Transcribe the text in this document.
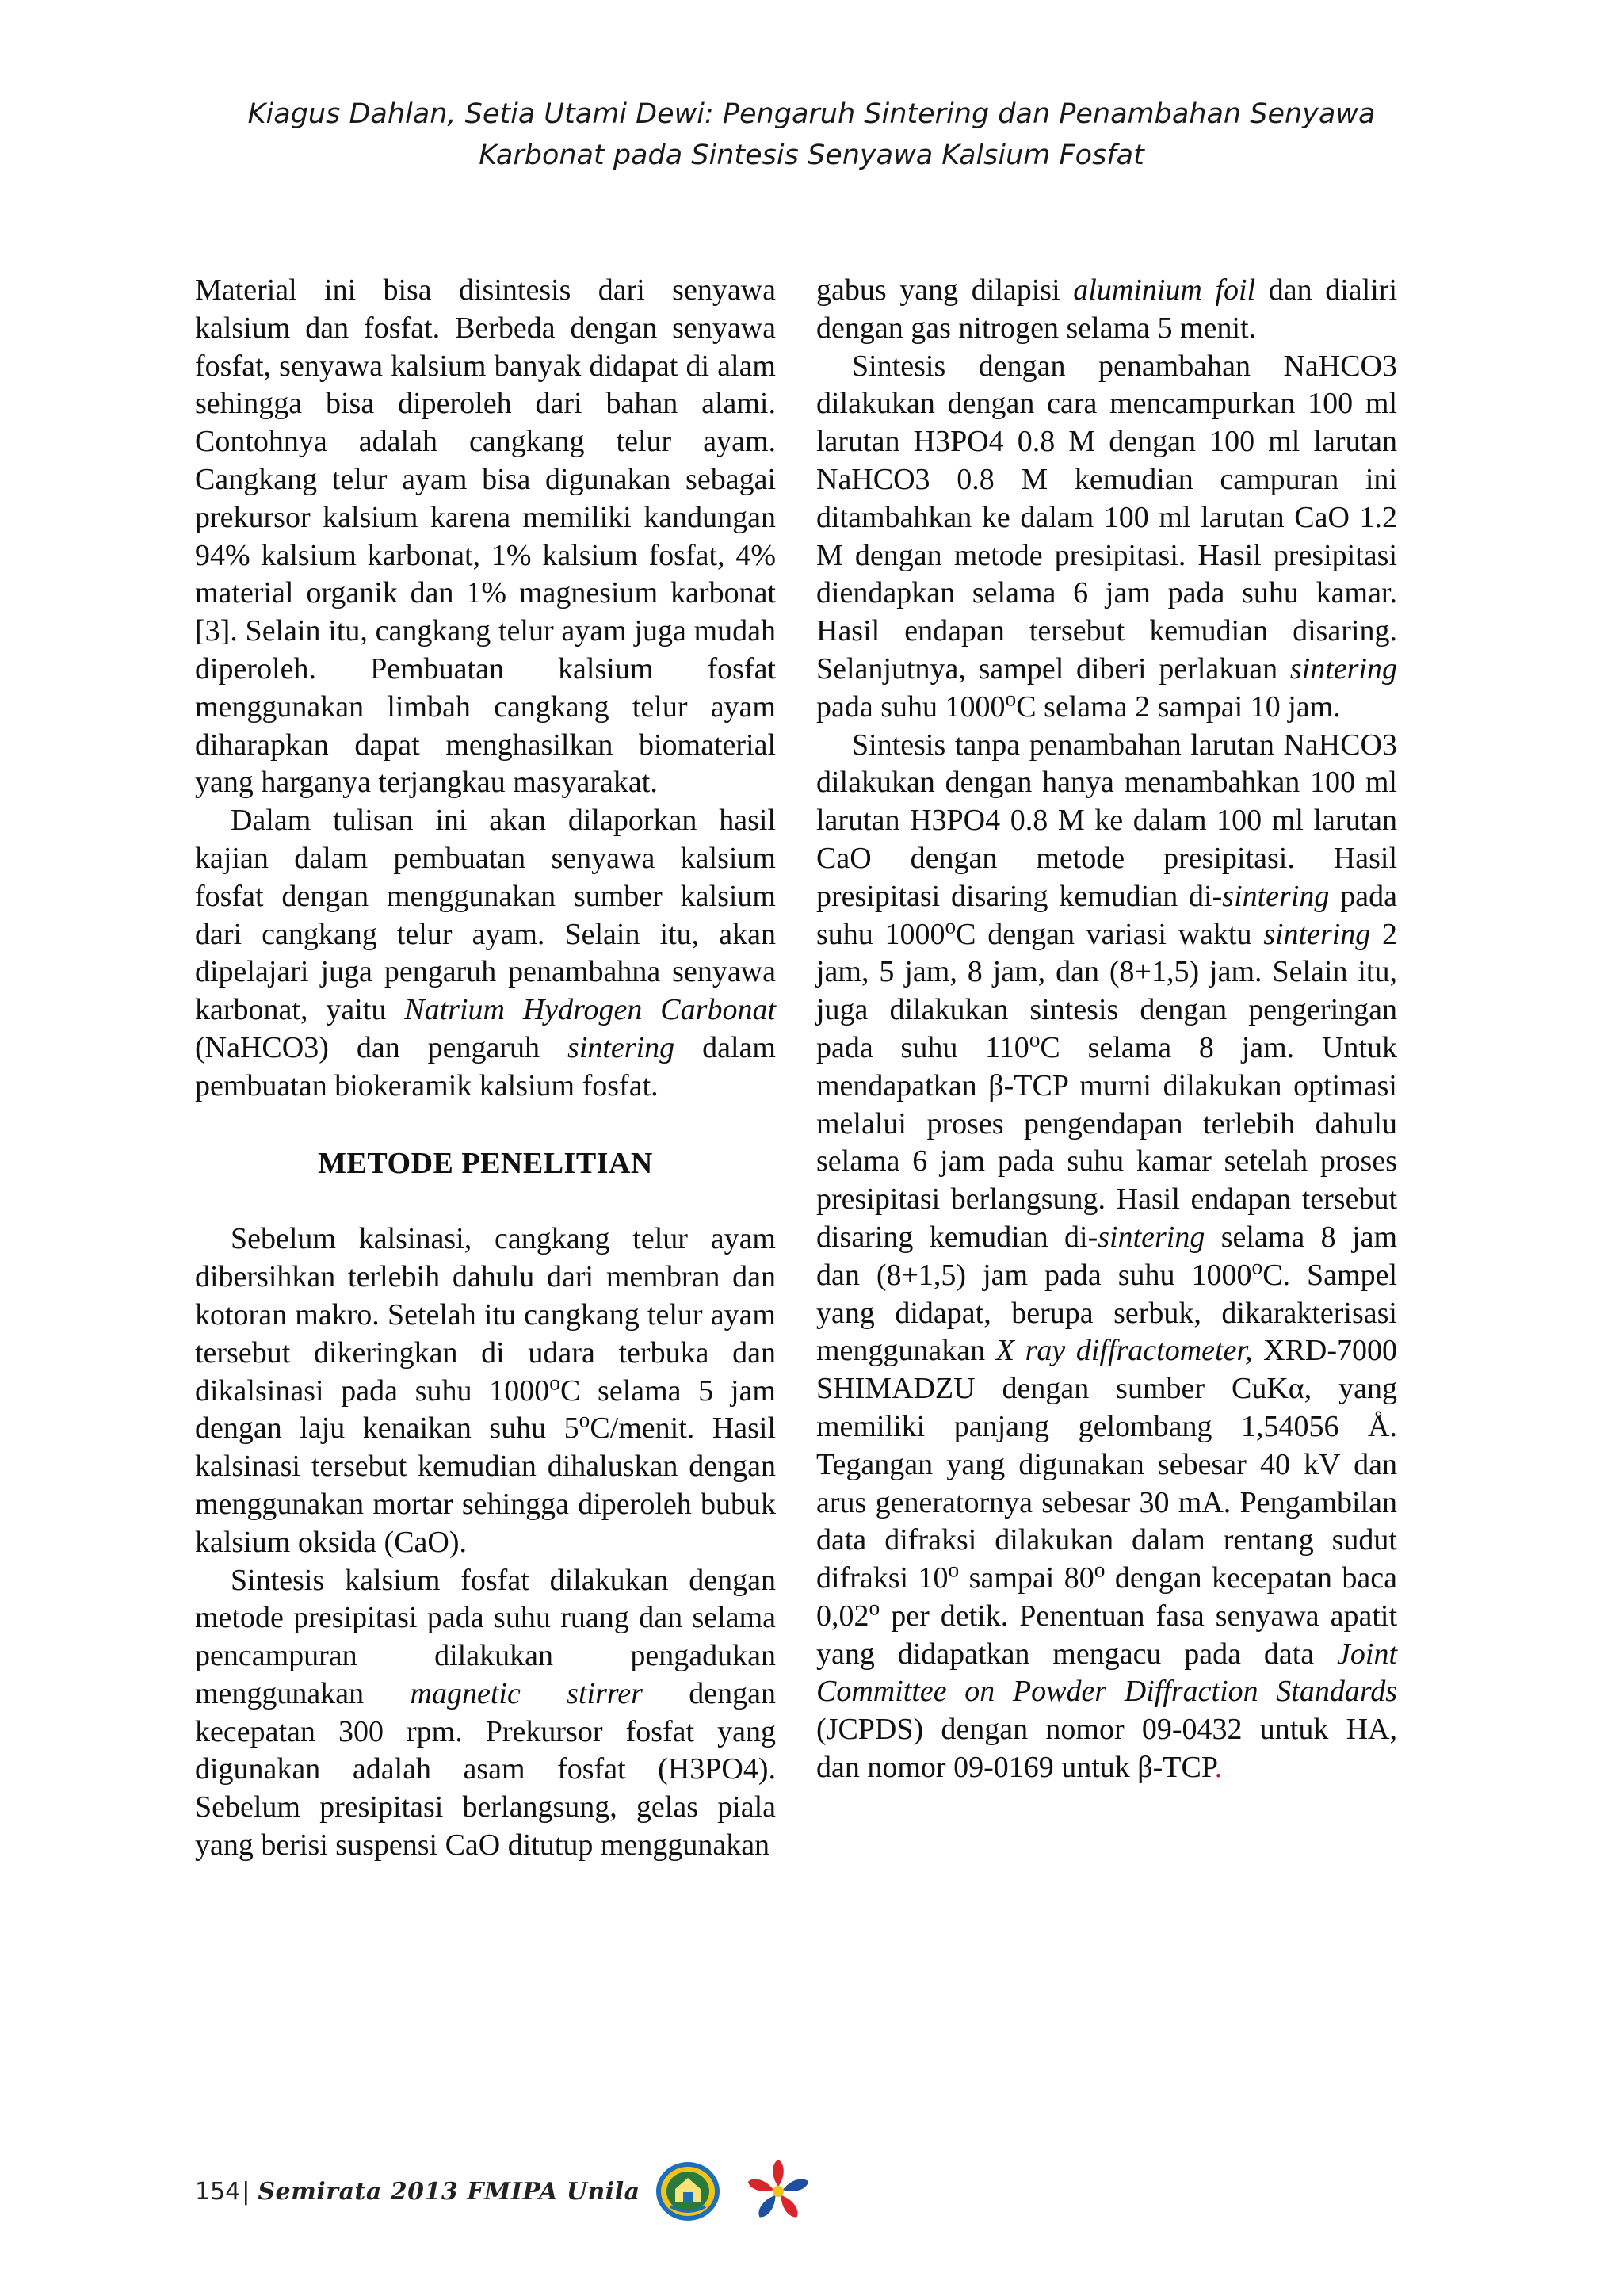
Kiagus Dahlan, Setia Utami Dewi: Pengaruh Sintering dan Penambahan Senyawa
Karbonat pada Sintesis Senyawa Kalsium Fosfat

Material ini bisa disintesis dari senyawa kalsium dan fosfat. Berbeda dengan senyawa fosfat, senyawa kalsium banyak didapat di alam sehingga bisa diperoleh dari bahan alami. Contohnya adalah cangkang telur ayam. Cangkang telur ayam bisa digunakan sebagai prekursor kalsium karena memiliki kandungan 94% kalsium karbonat, 1% kalsium fosfat, 4% material organik dan 1% magnesium karbonat [3]. Selain itu, cangkang telur ayam juga mudah diperoleh. Pembuatan kalsium fosfat menggunakan limbah cangkang telur ayam diharapkan dapat menghasilkan biomaterial yang harganya terjangkau masyarakat.

Dalam tulisan ini akan dilaporkan hasil kajian dalam pembuatan senyawa kalsium fosfat dengan menggunakan sumber kalsium dari cangkang telur ayam. Selain itu, akan dipelajari juga pengaruh penambahna senyawa karbonat, yaitu Natrium Hydrogen Carbonat (NaHCO3) dan pengaruh sintering dalam pembuatan biokeramik kalsium fosfat.

METODE PENELITIAN

Sebelum kalsinasi, cangkang telur ayam dibersihkan terlebih dahulu dari membran dan kotoran makro. Setelah itu cangkang telur ayam tersebut dikeringkan di udara terbuka dan dikalsinasi pada suhu 1000$^o$C selama 5 jam dengan laju kenaikan suhu 5$^o$C/menit. Hasil kalsinasi tersebut kemudian dihaluskan dengan menggunakan mortar sehingga diperoleh bubuk kalsium oksida (CaO).

Sintesis kalsium fosfat dilakukan dengan metode presipitasi pada suhu ruang dan selama pencampuran dilakukan pengadukan menggunakan magnetic stirrer dengan kecepatan 300 rpm. Prekursor fosfat yang digunakan adalah asam fosfat (H3PO4). Sebelum presipitasi berlangsung, gelas piala yang berisi suspensi CaO ditutup menggunakan

gabus yang dilapisi aluminium foil dan dialiri dengan gas nitrogen selama 5 menit.

Sintesis dengan penambahan NaHCO3 dilakukan dengan cara mencampurkan 100 ml larutan H3PO4 0.8 M dengan 100 ml larutan NaHCO3 0.8 M kemudian campuran ini ditambahkan ke dalam 100 ml larutan CaO 1.2 M dengan metode presipitasi. Hasil presipitasi diendapkan selama 6 jam pada suhu kamar. Hasil endapan tersebut kemudian disaring. Selanjutnya, sampel diberi perlakuan sintering pada suhu 1000$^o$C selama 2 sampai 10 jam.

Sintesis tanpa penambahan larutan NaHCO3 dilakukan dengan hanya menambahkan 100 ml larutan H3PO4 0.8 M ke dalam 100 ml larutan CaO dengan metode presipitasi. Hasil presipitasi disaring kemudian di-sintering pada suhu 1000$^o$C dengan variasi waktu sintering 2 jam, 5 jam, 8 jam, dan (8+1,5) jam. Selain itu, juga dilakukan sintesis dengan pengeringan pada suhu 110$^o$C selama 8 jam. Untuk mendapatkan β-TCP murni dilakukan optimasi melalui proses pengendapan terlebih dahulu selama 6 jam pada suhu kamar setelah proses presipitasi berlangsung. Hasil endapan tersebut disaring kemudian di-sintering selama 8 jam dan (8+1,5) jam pada suhu 1000$^o$C. Sampel yang didapat, berupa serbuk, dikarakterisasi menggunakan X ray diffractometer, XRD-7000 SHIMADZU dengan sumber CuKα, yang memiliki panjang gelombang 1,54056 Å. Tegangan yang digunakan sebesar 40 kV dan arus generatornya sebesar 30 mA. Pengambilan data difraksi dilakukan dalam rentang sudut difraksi 10$^o$ sampai 80$^o$ dengan kecepatan baca 0,02$^o$ per detik. Penentuan fasa senyawa apatit yang didapatkan mengacu pada data Joint Committee on Powder Diffraction Standards (JCPDS) dengan nomor 09-0432 untuk HA, dan nomor 09-0169 untuk β-TCP.

154 | Semirata 2013 FMIPA Unila
